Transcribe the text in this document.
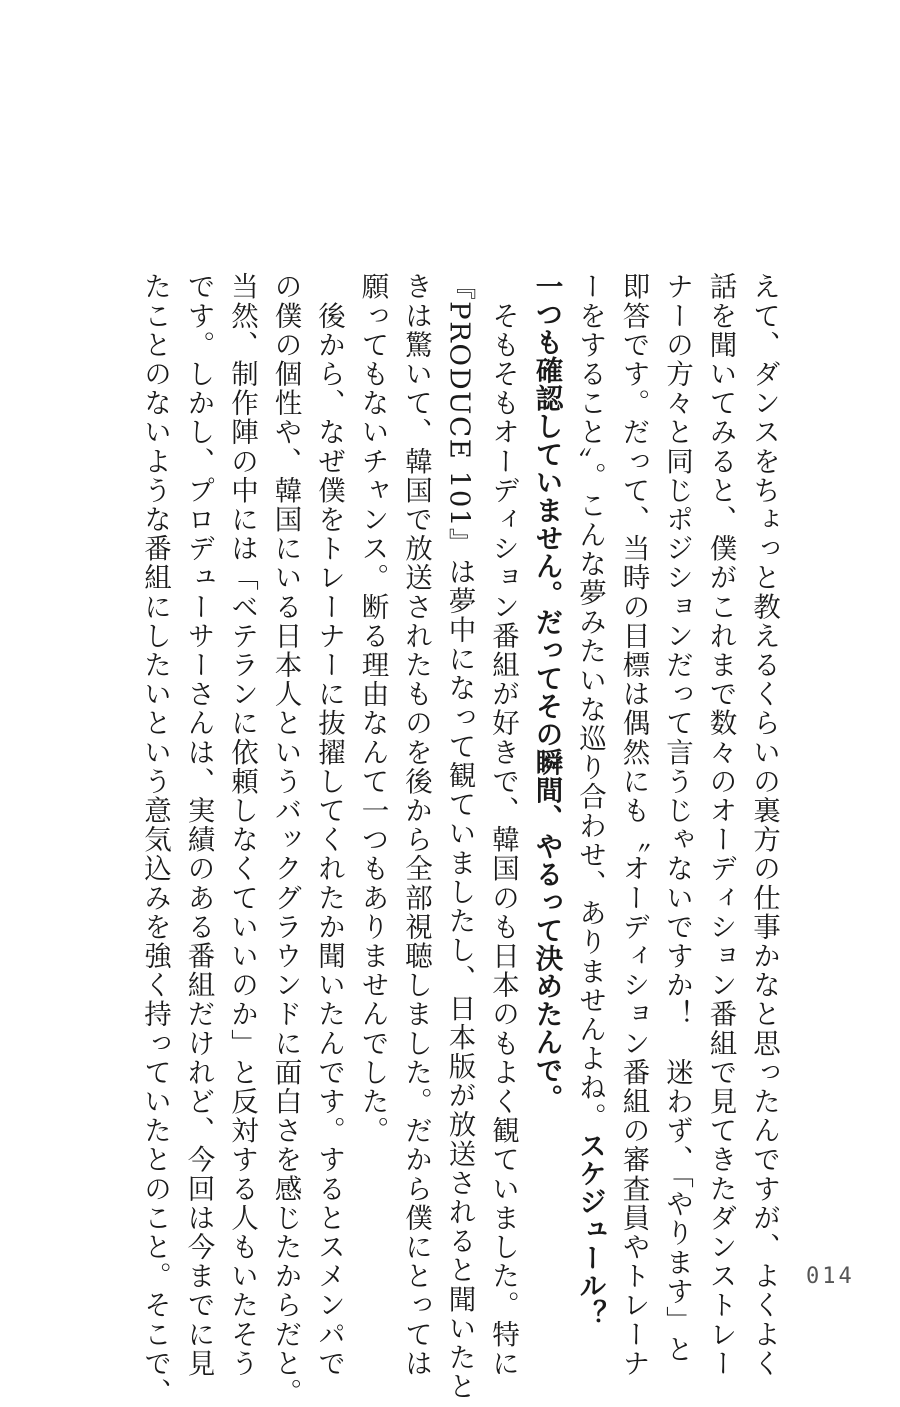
えて、ダンスをちょっと教えるくらいの裏方の仕事かなと思ったんですが、よくよく
話を聞いてみると、僕がこれまで数々のオーディション番組で見てきたダンストレー
ナーの方々と同じポジションだって言うじゃないですか！　迷わず、「やります」と
即答です。だって、当時の目標は偶然にも〝オーディション番組の審査員やトレーナ
ーをすること〟。こんな夢みたいな巡り合わせ、ありませんよね。スケジュール？
一つも確認していません。だってその瞬間、やるって決めたんで。
　そもそもオーディション番組が好きで、韓国のも日本のもよく観ていました。特に
『PRODUCE 101』は夢中になって観ていましたし、日本版が放送されると聞いたと
きは驚いて、韓国で放送されたものを後から全部視聴しました。だから僕にとっては
願ってもないチャンス。断る理由なんて一つもありませんでした。
　後から、なぜ僕をトレーナーに抜擢してくれたか聞いたんです。するとスメンパで
の僕の個性や、韓国にいる日本人というバックグラウンドに面白さを感じたからだと。
当然、制作陣の中には「ベテランに依頼しなくていいのか」と反対する人もいたそう
です。しかし、プロデューサーさんは、実績のある番組だけれど、今回は今までに見
たことのないような番組にしたいという意気込みを強く持っていたとのこと。そこで、	014
